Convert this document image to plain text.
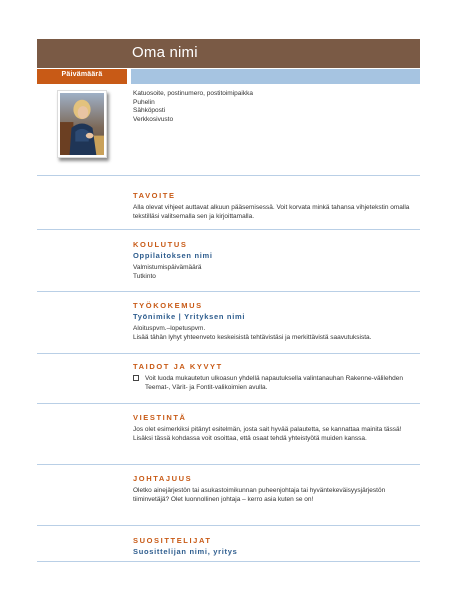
Oma nimi
Päivämäärä
Katuosoite, postinumero, postitoimipaikka
Puhelin
Sähköposti
Verkkosivusto
TAVOITE
Alla olevat vihjeet auttavat alkuun pääsemisessä. Voit korvata minkä tahansa vihjetekstin omalla tekstilläsi valitsemalla sen ja kirjoittamalla.
KOULUTUS
Oppilaitoksen nimi
Valmistumispäivämäärä
Tutkinto
TYÖKOKEMUS
Työnimike | Yrityksen nimi
Aloituspvm.–lopetuspvm.
Lisää tähän lyhyt yhteenveto keskeisistä tehtävistäsi ja merkittävistä saavutuksista.
TAIDOT JA KYVYT
Voit luoda mukautetun ulkoasun yhdellä napautuksella valintanauhan Rakenne-välilehden Teemat-, Värit- ja Fontit-valikoimien avulla.
VIESTINTÄ
Jos olet esimerkiksi pitänyt esitelmän, josta sait hyvää palautetta, se kannattaa mainita tässä! Lisäksi tässä kohdassa voit osoittaa, että osaat tehdä yhteistyötä muiden kanssa.
JOHTAJUUS
Oletko ainejärjestön tai asukastoimikunnan puheenjohtaja tai hyväntekeväisyysjärjestön tiiminvetäjä? Olet luonnollinen johtaja – kerro asia kuten se on!
SUOSITTELIJAT
Suosittelijan nimi, yritys
